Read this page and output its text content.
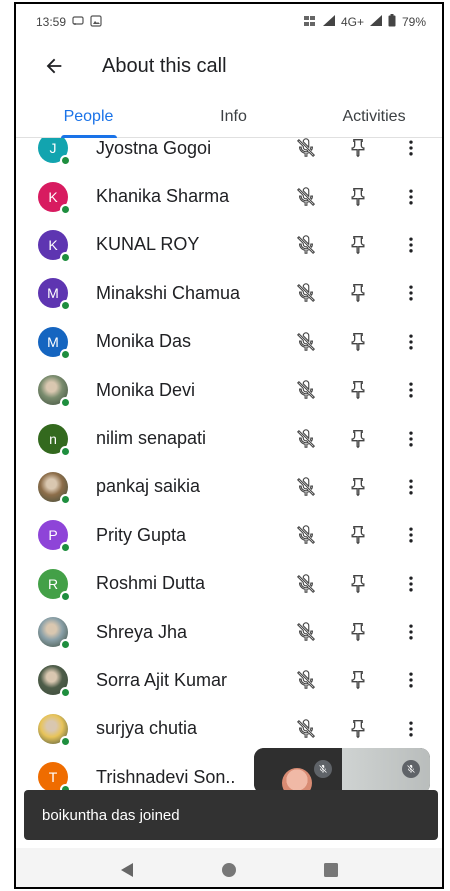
13:59	4G+	79%
About this call
People	Info	Activities
J Jyostna Gogoi
K Khanika Sharma
K KUNAL ROY
M Minakshi Chamua
M Monika Das
Monika Devi
n nilim senapati
pankaj saikia
P Prity Gupta
R Roshmi Dutta
Shreya Jha
Sorra Ajit Kumar
surjya chutia
T Trishnadevi Son..
boikuntha das joined
